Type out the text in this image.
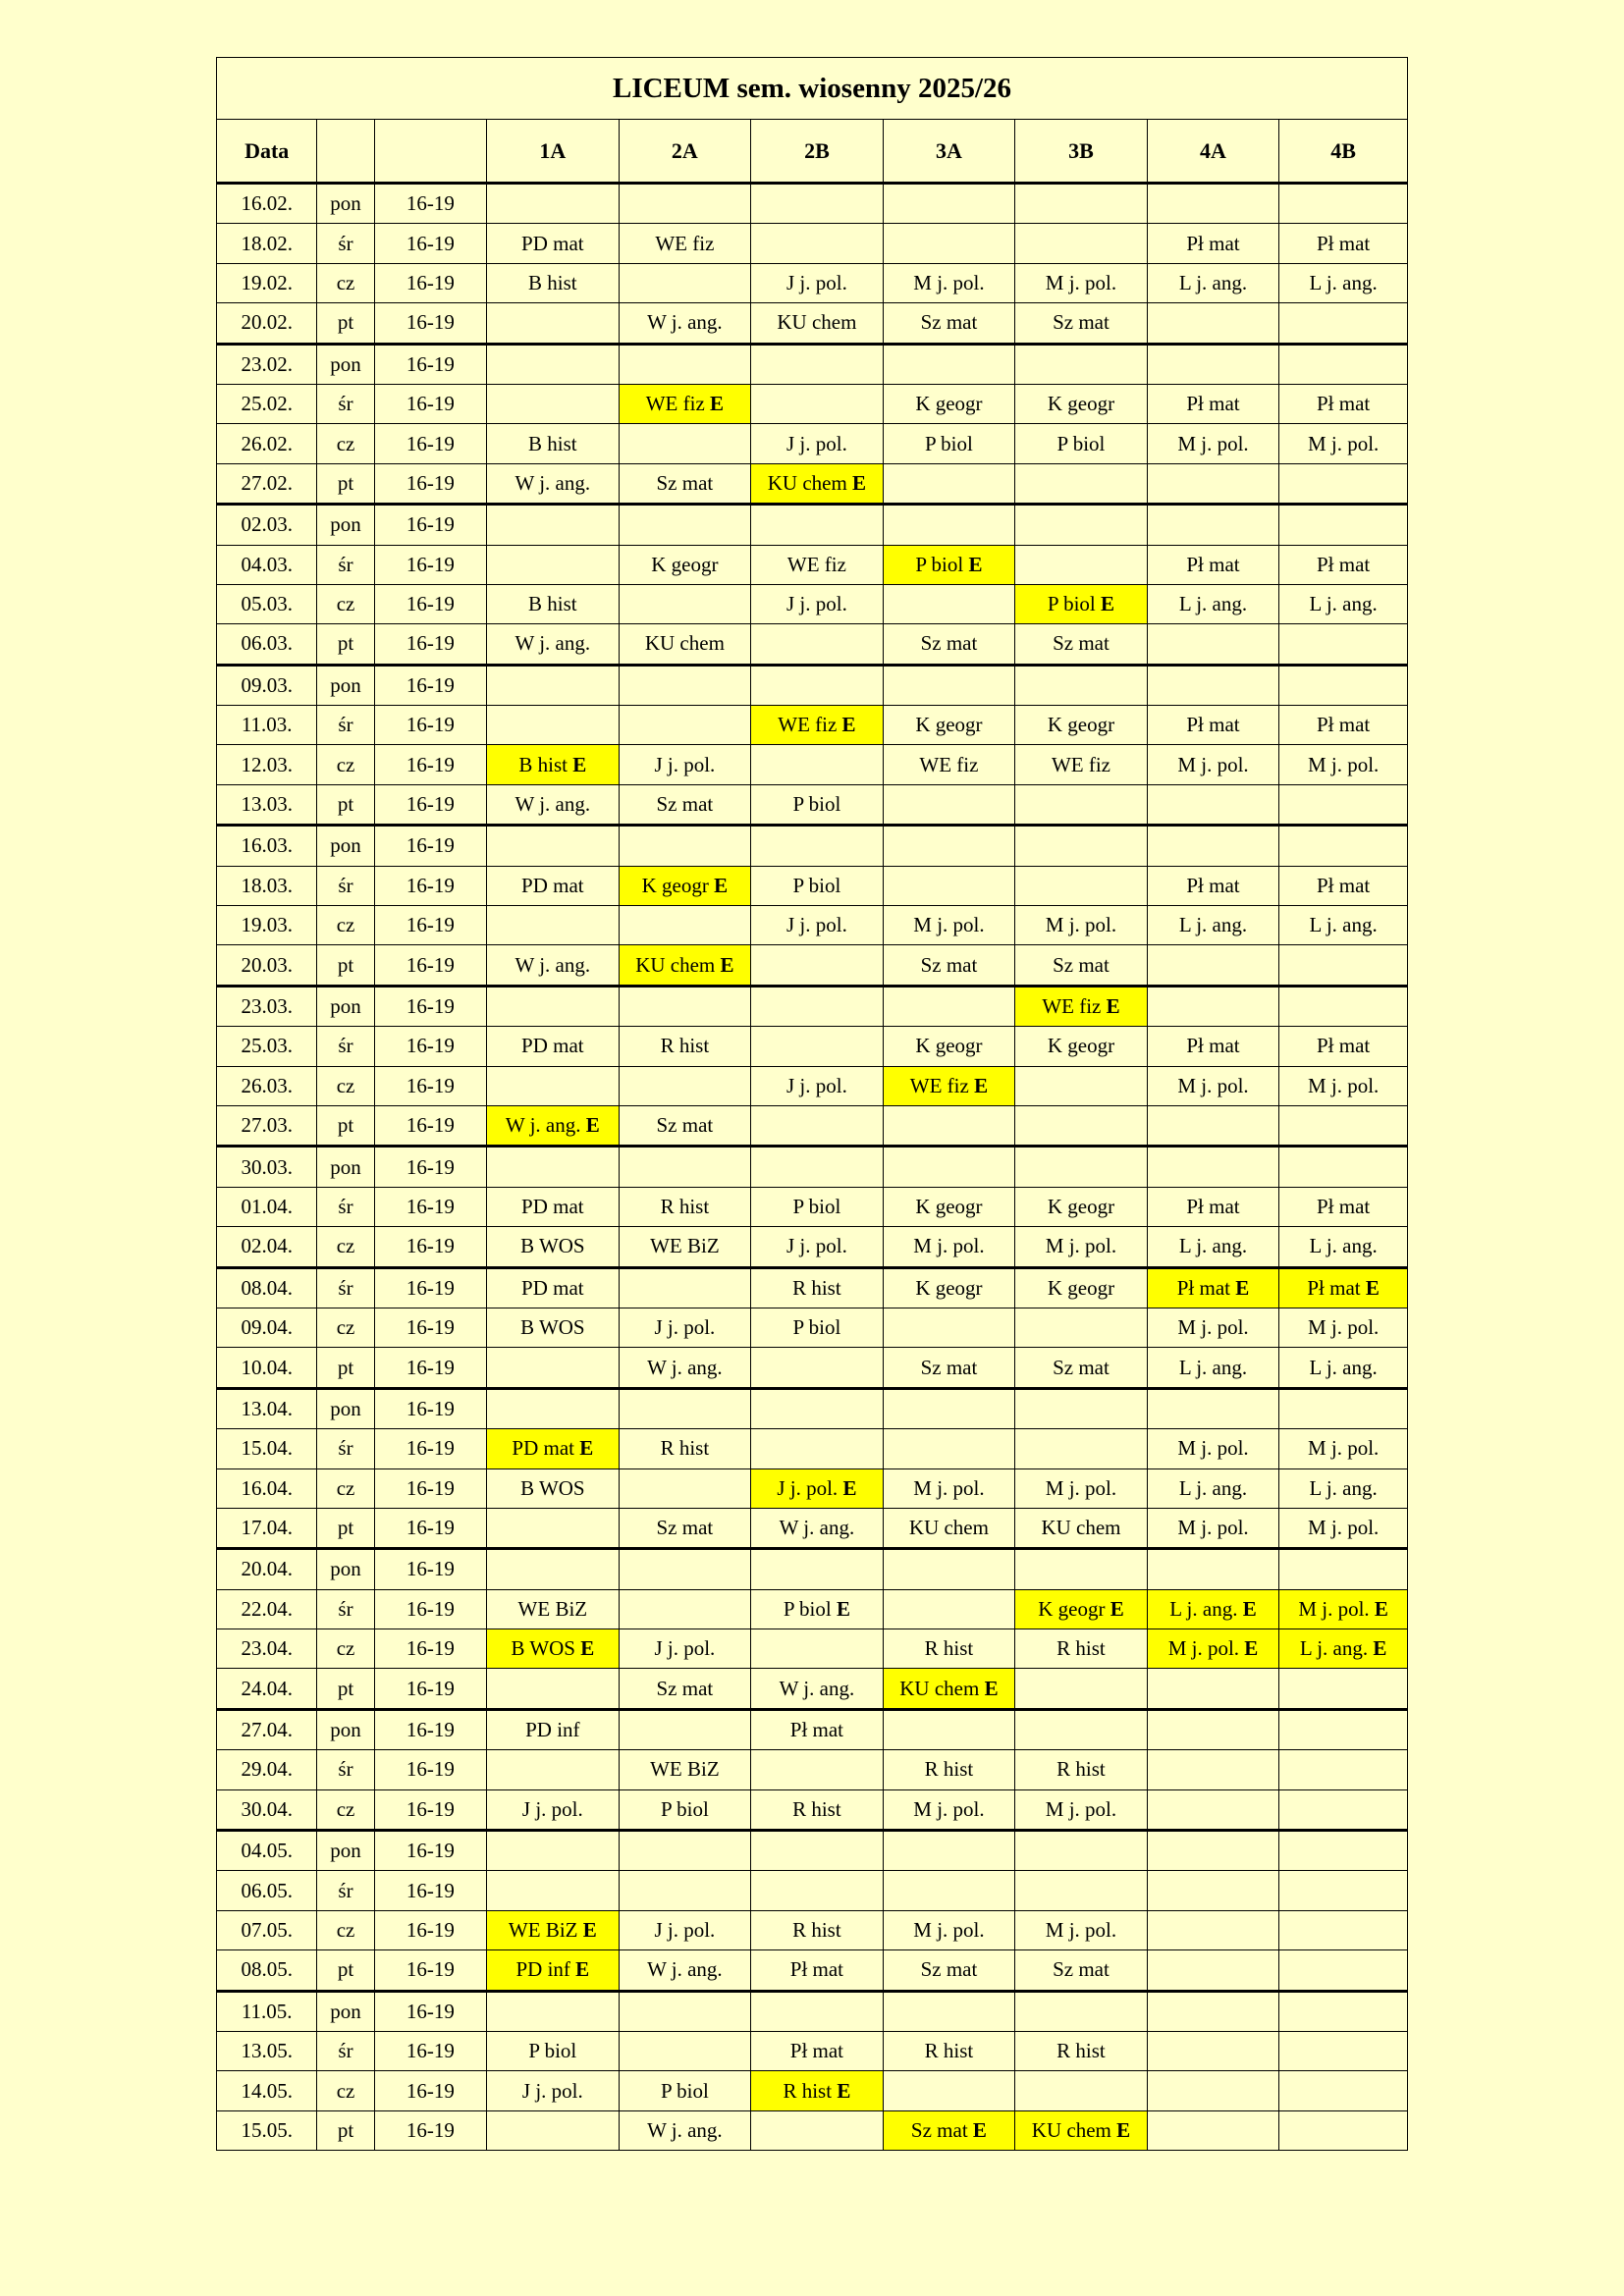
LICEUM sem. wiosenny 2025/26									
Data			1A	2A	2B	3A	3B	4A	4B
16.02.	pon	16-19							
18.02.	śr	16-19	PD mat	WE fiz				Pł mat	Pł mat
19.02.	cz	16-19	B hist		J j. pol.	M j. pol.	M j. pol.	L j. ang.	L j. ang.
20.02.	pt	16-19		W j. ang.	KU chem	Sz mat	Sz mat		
23.02.	pon	16-19							
25.02.	śr	16-19		WE fiz E		K geogr	K geogr	Pł mat	Pł mat
26.02.	cz	16-19	B hist		J j. pol.	P biol	P biol	M j. pol.	M j. pol.
27.02.	pt	16-19	W j. ang.	Sz mat	KU chem E				
02.03.	pon	16-19							
04.03.	śr	16-19		K geogr	WE fiz	P biol E		Pł mat	Pł mat
05.03.	cz	16-19	B hist		J j. pol.		P biol E	L j. ang.	L j. ang.
06.03.	pt	16-19	W j. ang.	KU chem		Sz mat	Sz mat		
09.03.	pon	16-19							
11.03.	śr	16-19			WE fiz E	K geogr	K geogr	Pł mat	Pł mat
12.03.	cz	16-19	B hist E	J j. pol.		WE fiz	WE fiz	M j. pol.	M j. pol.
13.03.	pt	16-19	W j. ang.	Sz mat	P biol				
16.03.	pon	16-19							
18.03.	śr	16-19	PD mat	K geogr E	P biol			Pł mat	Pł mat
19.03.	cz	16-19			J j. pol.	M j. pol.	M j. pol.	L j. ang.	L j. ang.
20.03.	pt	16-19	W j. ang.	KU chem E		Sz mat	Sz mat		
23.03.	pon	16-19					WE fiz E		
25.03.	śr	16-19	PD mat	R hist		K geogr	K geogr	Pł mat	Pł mat
26.03.	cz	16-19			J j. pol.	WE fiz E		M j. pol.	M j. pol.
27.03.	pt	16-19	W j. ang. E	Sz mat					
30.03.	pon	16-19							
01.04.	śr	16-19	PD mat	R hist	P biol	K geogr	K geogr	Pł mat	Pł mat
02.04.	cz	16-19	B WOS	WE BiZ	J j. pol.	M j. pol.	M j. pol.	L j. ang.	L j. ang.
08.04.	śr	16-19	PD mat		R hist	K geogr	K geogr	Pł mat E	Pł mat E
09.04.	cz	16-19	B WOS	J j. pol.	P biol			M j. pol.	M j. pol.
10.04.	pt	16-19		W j. ang.		Sz mat	Sz mat	L j. ang.	L j. ang.
13.04.	pon	16-19							
15.04.	śr	16-19	PD mat E	R hist				M j. pol.	M j. pol.
16.04.	cz	16-19	B WOS		J j. pol. E	M j. pol.	M j. pol.	L j. ang.	L j. ang.
17.04.	pt	16-19		Sz mat	W j. ang.	KU chem	KU chem	M j. pol.	M j. pol.
20.04.	pon	16-19							
22.04.	śr	16-19	WE BiZ		P biol E		K geogr E	L j. ang. E	M j. pol. E
23.04.	cz	16-19	B WOS E	J j. pol.		R hist	R hist	M j. pol. E	L j. ang. E
24.04.	pt	16-19		Sz mat	W j. ang.	KU chem E			
27.04.	pon	16-19	PD inf		Pł mat				
29.04.	śr	16-19		WE BiZ		R hist	R hist		
30.04.	cz	16-19	J j. pol.	P biol	R hist	M j. pol.	M j. pol.		
04.05.	pon	16-19							
06.05.	śr	16-19							
07.05.	cz	16-19	WE BiZ E	J j. pol.	R hist	M j. pol.	M j. pol.		
08.05.	pt	16-19	PD inf E	W j. ang.	Pł mat	Sz mat	Sz mat		
11.05.	pon	16-19							
13.05.	śr	16-19	P biol		Pł mat	R hist	R hist		
14.05.	cz	16-19	J j. pol.	P biol	R hist E				
15.05.	pt	16-19		W j. ang.		Sz mat E	KU chem E		
